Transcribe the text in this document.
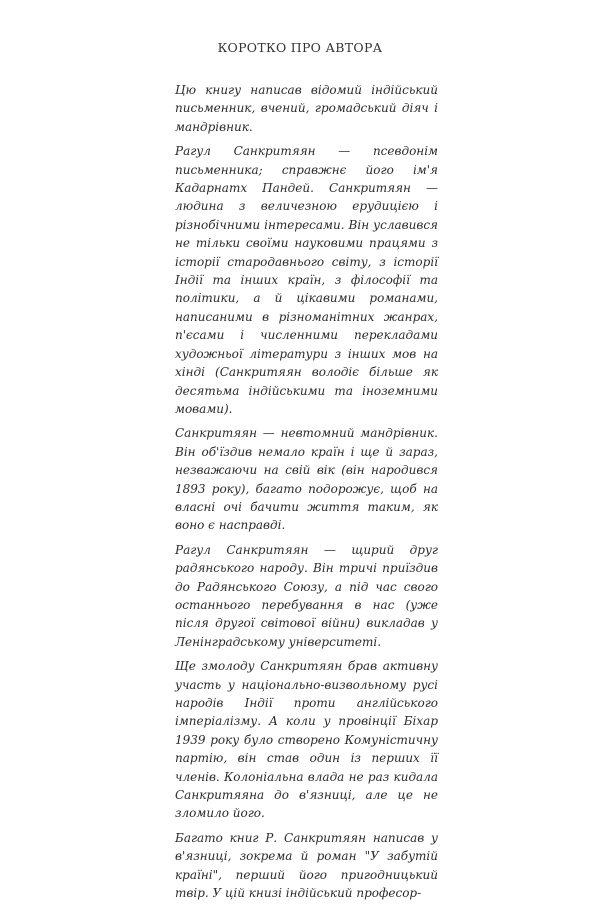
КОРОТКО ПРО АВТОРА

Цю книгу написав відомий індійський письменник, вчений, громадський діяч і мандрівник.

Рагул Санкритяян — псевдонім письменника; справжнє його ім'я Кадарнатх Пандей. Санкритяян — людина з величезною ерудицією і різнобічними інтересами. Він уславився не тільки своїми науковими працями з історії стародавнього світу, з історії Індії та інших країн, з філософії та політики, а й цікавими романами, написаними в різноманітних жанрах, п'єсами і численними перекладами художньої літератури з інших мов на хінді (Санкритяян володіє більше як десятьма індійськими та іноземними мовами).

Санкритяян — невтомний мандрівник. Він об'їздив немало країн і ще й зараз, незважаючи на свій вік (він народився 1893 року), багато подорожує, щоб на власні очі бачити життя таким, як воно є насправді.

Рагул Санкритяян — щирий друг радянського народу. Він тричі приїздив до Радянського Союзу, а під час свого останнього перебування в нас (уже після другої світової війни) викладав у Ленінградському університеті.

Ще змолоду Санкритяян брав активну участь у національно-визвольному русі народів Індії проти англійського імперіалізму. А коли у провінції Біхар 1939 року було створено Комуністичну партію, він став один із перших її членів. Колоніальна влада не раз кидала Санкритяяна до в'язниці, але це не зломило його.

Багато книг Р. Санкритяян написав у в'язниці, зокрема й роман "У забутій країні", перший його пригодницький твір. У цій книзі індійський професор-
